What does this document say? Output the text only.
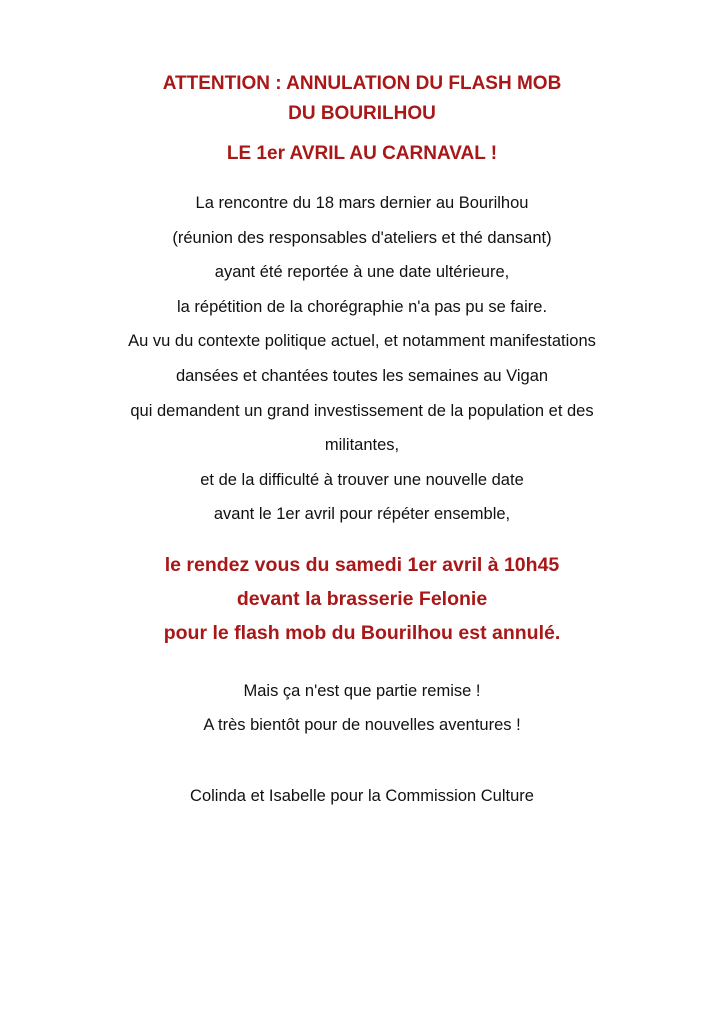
ATTENTION : ANNULATION DU FLASH MOB

DU BOURILHOU

LE 1er AVRIL AU CARNAVAL !

La rencontre du 18 mars dernier au Bourilhou

(réunion des responsables d'ateliers et thé dansant)

ayant été reportée à une date ultérieure,

la répétition de la chorégraphie n'a pas pu se faire.

Au vu du contexte politique actuel, et notamment manifestations

dansées et chantées toutes les semaines au Vigan

qui demandent un grand investissement de la population et des

militantes,

et de la difficulté à trouver une nouvelle date

avant le 1er avril pour répéter ensemble,

le rendez vous du samedi 1er avril à 10h45

devant la brasserie Felonie

pour le flash mob du Bourilhou est annulé.

Mais ça n'est que partie remise !

A très bientôt pour de nouvelles aventures !

Colinda et Isabelle pour la Commission Culture
